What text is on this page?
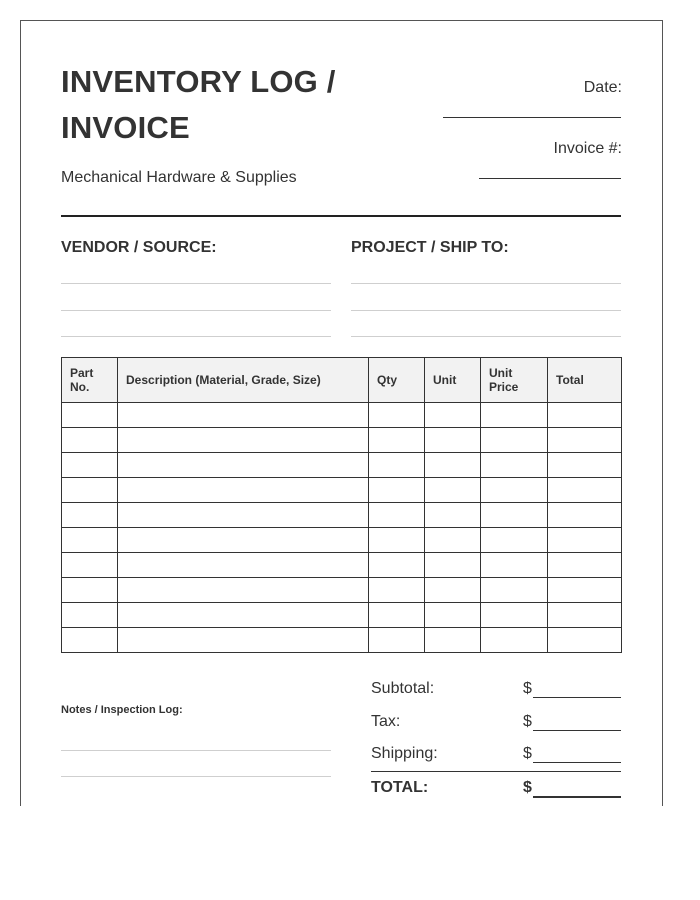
INVENTORY LOG / INVOICE
Mechanical Hardware & Supplies
Date:
Invoice #:
VENDOR / SOURCE:	PROJECT / SHIP TO:
Part No.	Description (Material, Grade, Size)	Qty	Unit	Unit Price	Total

Notes / Inspection Log:
Subtotal:	$
Tax:	$
Shipping:	$
TOTAL:	$
